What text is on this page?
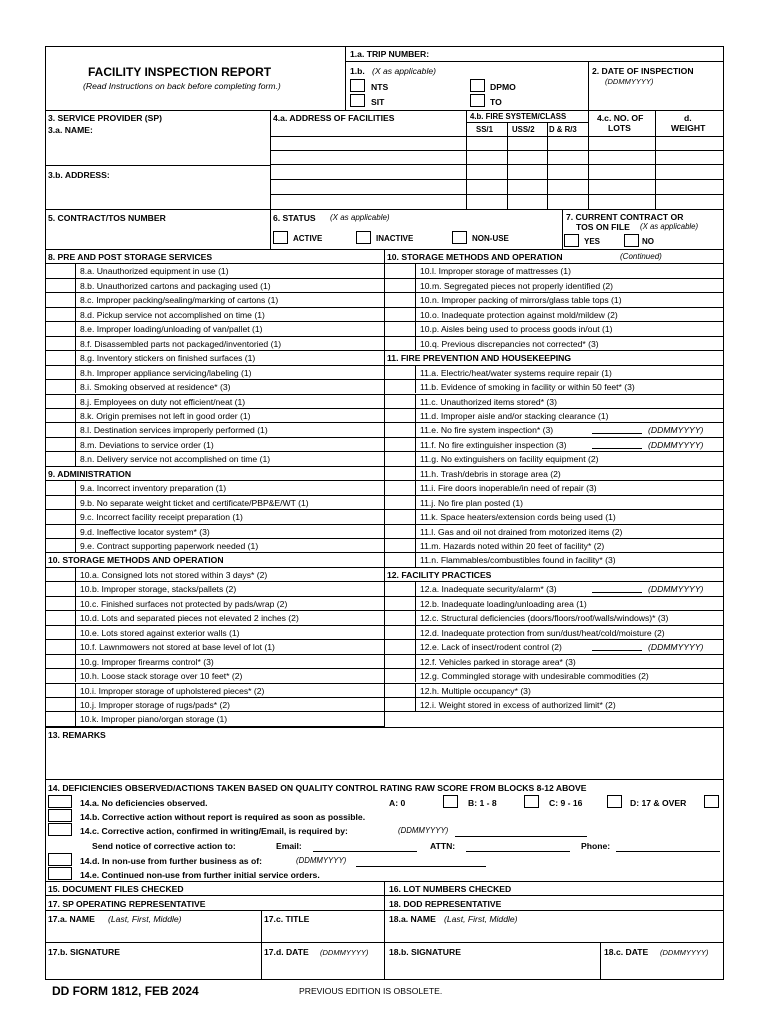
FACILITY INSPECTION REPORT
(Read Instructions on back before completing form.)
1.a. TRIP NUMBER:
1.b. (X as applicable)
NTS
SIT
DPMO
TO
2. DATE OF INSPECTION
(DDMMYYYY)
3. SERVICE PROVIDER (SP)
3.a. NAME:
3.b. ADDRESS:
4.a. ADDRESS OF FACILITIES	4.b. FIRE SYSTEM/CLASS
SS/1 USS/2 D & R/3
4.c. NO. OF
LOTS
d.
WEIGHT
5. CONTRACT/TOS NUMBER	6. STATUS (X as applicable)
ACTIVE	INACTIVE	NON-USE
7. CURRENT CONTRACT OR
TOS ON FILE (X as applicable)
YES	NO
8. PRE AND POST STORAGE SERVICES
8.a. Unauthorized equipment in use (1)
8.b. Unauthorized cartons and packaging used (1)
8.c. Improper packing/sealing/marking of cartons (1)
8.d. Pickup service not accomplished on time (1)
8.e. Improper loading/unloading of van/pallet (1)
8.f. Disassembled parts not packaged/inventoried (1)
8.g. Inventory stickers on finished surfaces (1)
8.h. Improper appliance servicing/labeling (1)
8.i. Smoking observed at residence* (3)
8.j. Employees on duty not efficient/neat (1)
8.k. Origin premises not left in good order (1)
8.l. Destination services improperly performed (1)
8.m. Deviations to service order (1)
8.n. Delivery service not accomplished on time (1)
9. ADMINISTRATION
9.a. Incorrect inventory preparation (1)
9.b. No separate weight ticket and certificate/PBP&E/WT (1)
9.c. Incorrect facility receipt preparation (1)
9.d. Ineffective locator system* (3)
9.e. Contract supporting paperwork needed (1)
10. STORAGE METHODS AND OPERATION
10.a. Consigned lots not stored within 3 days* (2)
10.b. Improper storage, stacks/pallets (2)
10.c. Finished surfaces not protected by pads/wrap (2)
10.d. Lots and separated pieces not elevated 2 inches (2)
10.e. Lots stored against exterior walls (1)
10.f. Lawnmowers not stored at base level of lot (1)
10.g. Improper firearms control* (3)
10.h. Loose stack storage over 10 feet* (2)
10.i. Improper storage of upholstered pieces* (2)
10.j. Improper storage of rugs/pads* (2)
10.k. Improper piano/organ storage (1)
10. STORAGE METHODS AND OPERATION	(Continued)
10.l. Improper storage of mattresses (1)
10.m. Segregated pieces not properly identified (2)
10.n. Improper packing of mirrors/glass table tops (1)
10.o. Inadequate protection against mold/mildew (2)
10.p. Aisles being used to process goods in/out (1)
10.q. Previous discrepancies not corrected* (3)
11. FIRE PREVENTION AND HOUSEKEEPING
11.a. Electric/heat/water systems require repair (1)
11.b. Evidence of smoking in facility or within 50 feet* (3)
11.c. Unauthorized items stored* (3)
11.d. Improper aisle and/or stacking clearance (1)
11.e. No fire system inspection* (3)	(DDMMYYYY)
11.f. No fire extinguisher inspection (3)	(DDMMYYYY)
11.g. No extinguishers on facility equipment (2)
11.h. Trash/debris in storage area (2)
11.i. Fire doors inoperable/in need of repair (3)
11.j. No fire plan posted (1)
11.k. Space heaters/extension cords being used (1)
11.l. Gas and oil not drained from motorized items (2)
11.m. Hazards noted within 20 feet of facility* (2)
11.n. Flammables/combustibles found in facility* (3)
12. FACILITY PRACTICES
12.a. Inadequate security/alarm* (3)	(DDMMYYYY)
12.b. Inadequate loading/unloading area (1)
12.c. Structural deficiencies (doors/floors/roof/walls/windows)* (3)
12.d. Inadequate protection from sun/dust/heat/cold/moisture (2)
12.e. Lack of insect/rodent control (2)	(DDMMYYYY)
12.f. Vehicles parked in storage area* (3)
12.g. Commingled storage with undesirable commodities (2)
12.h. Multiple occupancy* (3)
12.i. Weight stored in excess of authorized limit* (2)
13. REMARKS
14. DEFICIENCIES OBSERVED/ACTIONS TAKEN BASED ON QUALITY CONTROL RATING RAW SCORE FROM BLOCKS 8-12 ABOVE
14.a. No deficiencies observed.	A: 0	B: 1 - 8	C: 9 - 16	D: 17 & OVER
14.b. Corrective action without report is required as soon as possible.
14.c. Corrective action, confirmed in writing/Email, is required by:	(DDMMYYYY)
Send notice of corrective action to:	Email:	ATTN:	Phone:
14.d. In non-use from further business as of:	(DDMMYYYY)
14.e. Continued non-use from further initial service orders.
15. DOCUMENT FILES CHECKED	16. LOT NUMBERS CHECKED
17. SP OPERATING REPRESENTATIVE	18. DOD REPRESENTATIVE
17.a. NAME (Last, First, Middle)	17.c. TITLE	18.a. NAME (Last, First, Middle)
17.b. SIGNATURE	17.d. DATE (DDMMYYYY) 18.b. SIGNATURE	18.c. DATE (DDMMYYYY)
DD FORM 1812, FEB 2024	PREVIOUS EDITION IS OBSOLETE.
